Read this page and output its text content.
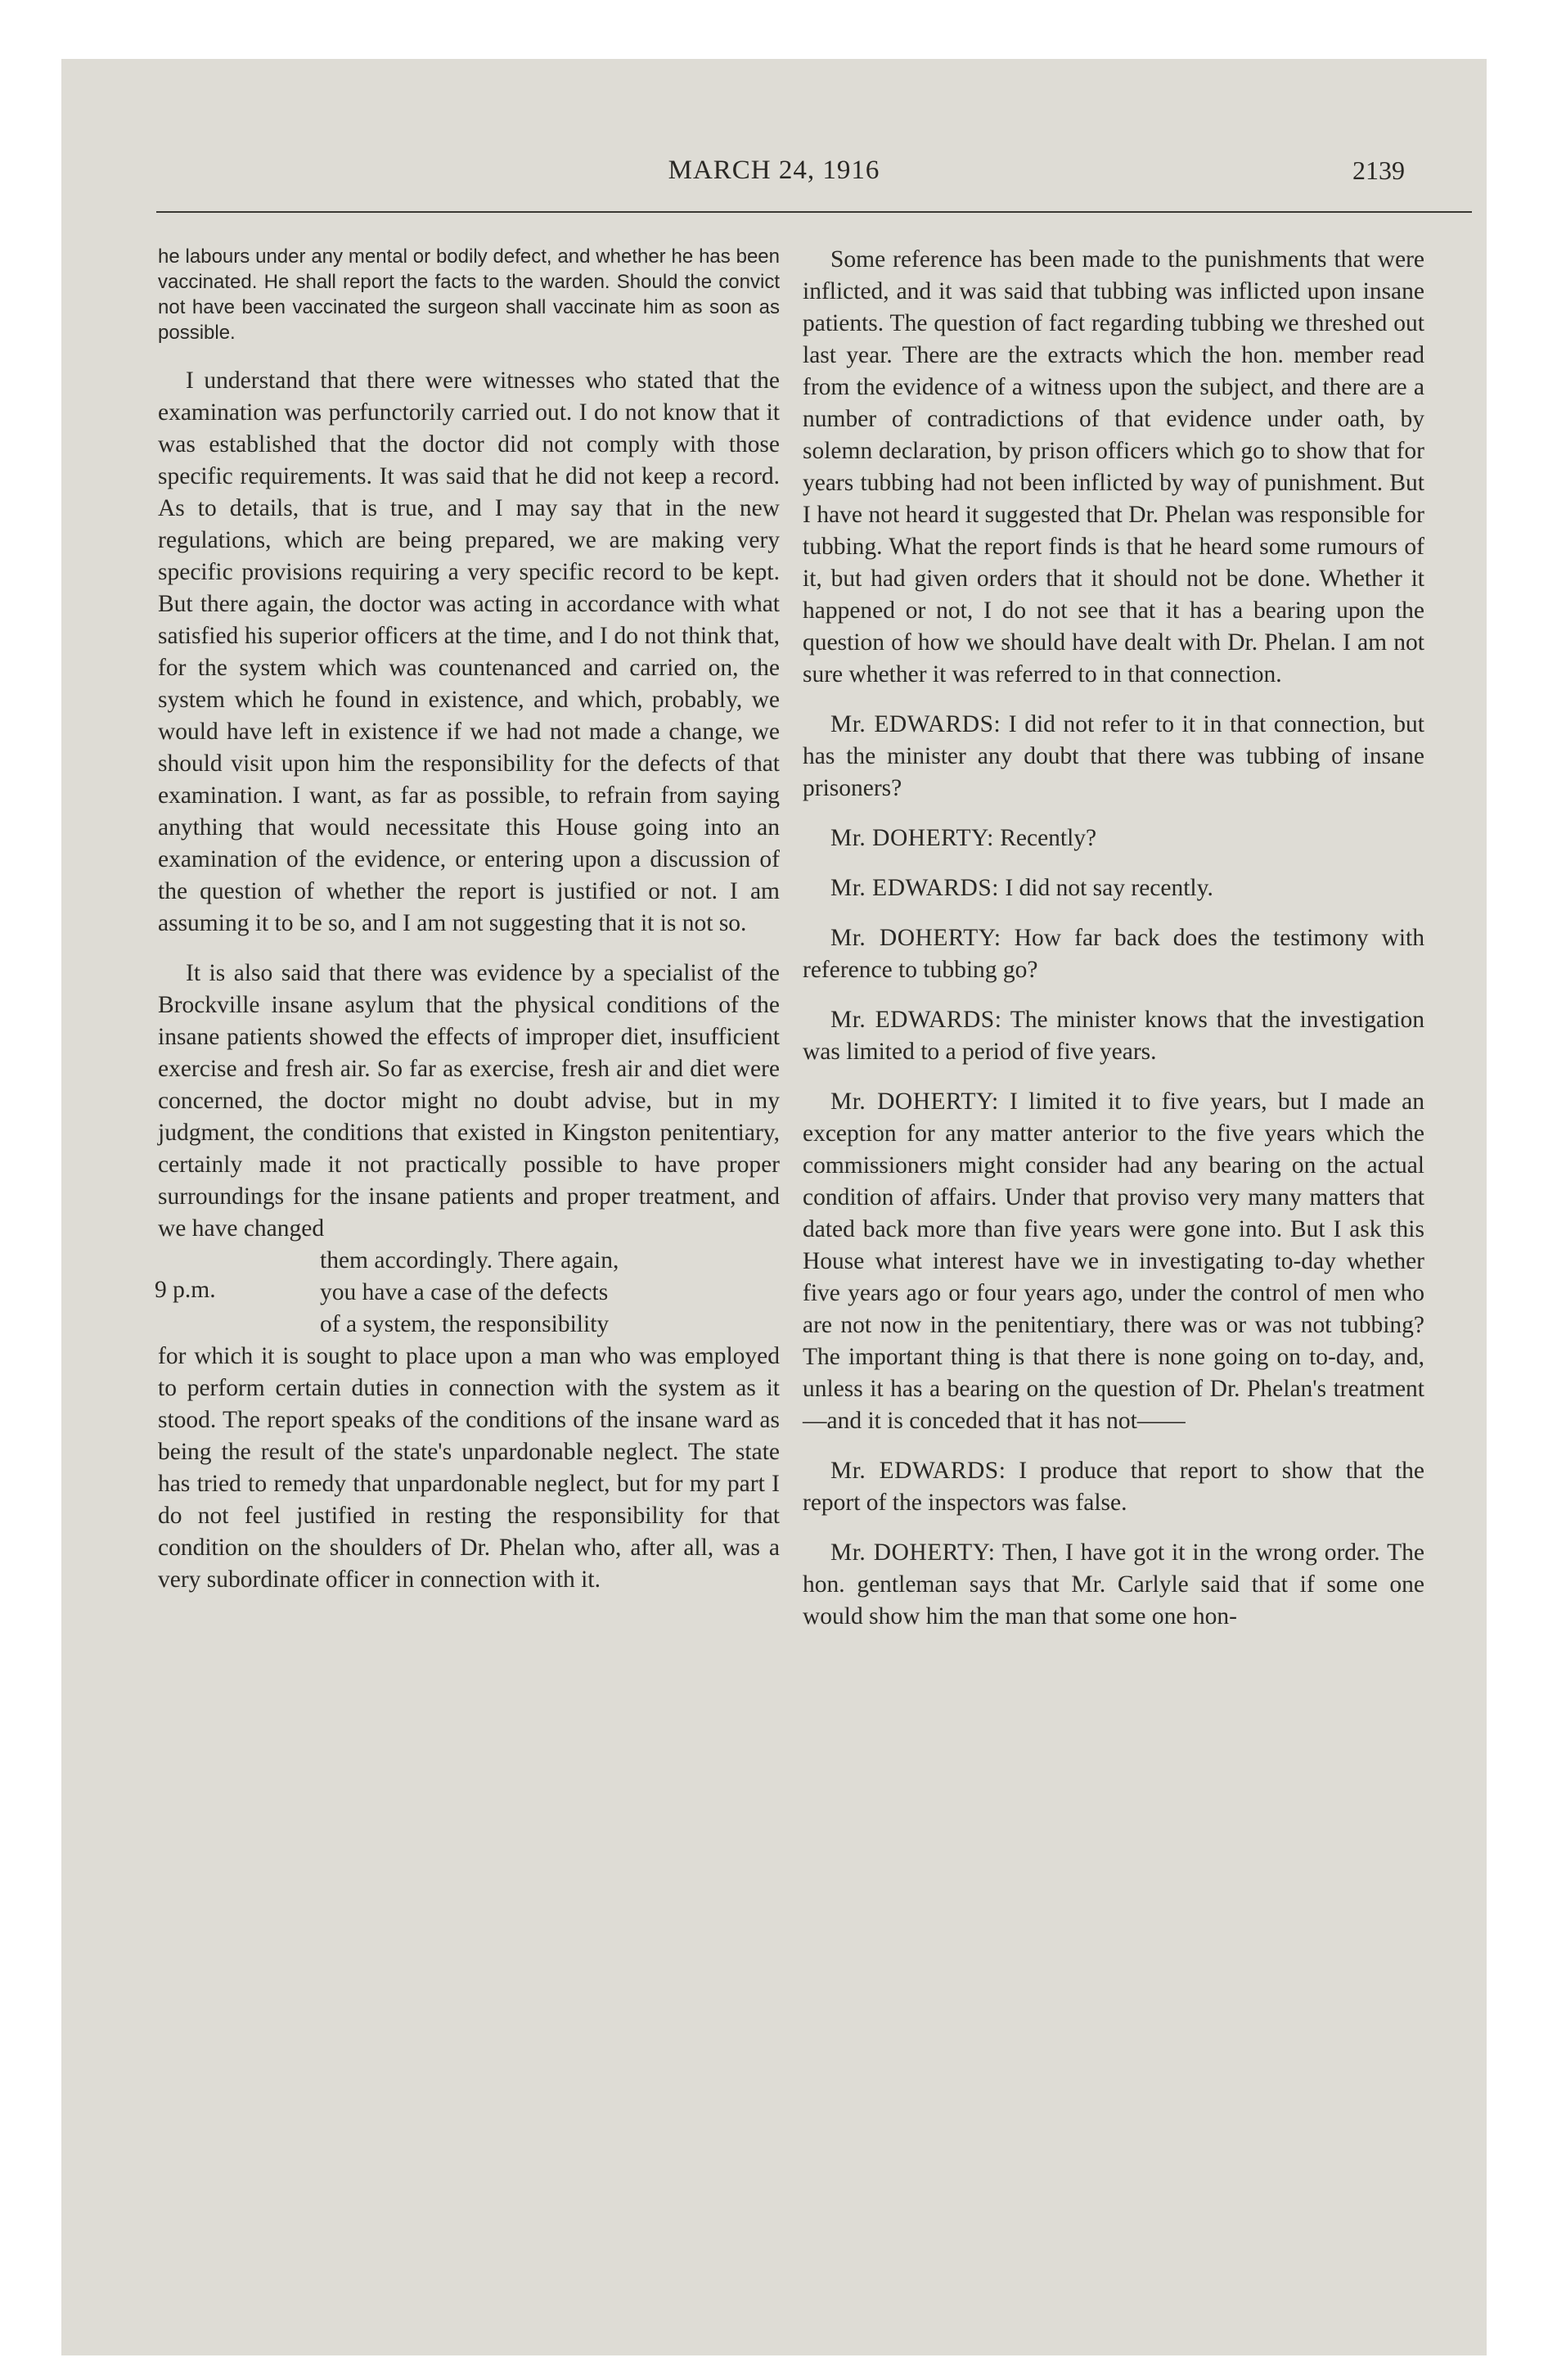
MARCH 24, 1916	2139
he labours under any mental or bodily defect, and whether he has been vaccinated. He shall report the facts to the warden. Should the convict not have been vaccinated the surgeon shall vaccinate him as soon as possible.

I understand that there were witnesses who stated that the examination was perfunctorily carried out. I do not know that it was established that the doctor did not comply with those specific requirements. It was said that he did not keep a record. As to details, that is true, and I may say that in the new regulations, which are being prepared, we are making very specific provisions requiring a very specific record to be kept. But there again, the doctor was acting in accordance with what satisfied his superior officers at the time, and I do not think that, for the system which was countenanced and carried on, the system which he found in existence, and which, probably, we would have left in existence if we had not made a change, we should visit upon him the responsibility for the defects of that examination. I want, as far as possible, to refrain from saying anything that would necessitate this House going into an examination of the evidence, or entering upon a discussion of the question of whether the report is justified or not. I am assuming it to be so, and I am not suggesting that it is not so.

It is also said that there was evidence by a specialist of the Brockville insane asylum that the physical conditions of the insane patients showed the effects of improper diet, insufficient exercise and fresh air. So far as exercise, fresh air and diet were concerned, the doctor might no doubt advise, but in my judgment, the conditions that existed in Kingston penitentiary, certainly made it not practically possible to have proper surroundings for the insane patients and proper treatment, and we have changed

them accordingly. There again,

9 p.m.	you have a case of the defects

of a system, the responsibility

for which it is sought to place upon a man who was employed to perform certain duties in connection with the system as it stood. The report speaks of the conditions of the insane ward as being the result of the state's unpardonable neglect. The state has tried to remedy that unpardonable neglect, but for my part I do not feel justified in resting the responsibility for that condition on the shoulders of Dr. Phelan who, after all, was a very subordinate officer in connection with it.

Some reference has been made to the punishments that were inflicted, and it was said that tubbing was inflicted upon insane patients. The question of fact regarding tubbing we threshed out last year. There are the extracts which the hon. member read from the evidence of a witness upon the subject, and there are a number of contradictions of that evidence under oath, by solemn declaration, by prison officers which go to show that for years tubbing had not been inflicted by way of punishment. But I have not heard it suggested that Dr. Phelan was responsible for tubbing. What the report finds is that he heard some rumours of it, but had given orders that it should not be done. Whether it happened or not, I do not see that it has a bearing upon the question of how we should have dealt with Dr. Phelan. I am not sure whether it was referred to in that connection.

Mr. EDWARDS: I did not refer to it in that connection, but has the minister any doubt that there was tubbing of insane prisoners?

Mr. DOHERTY: Recently?

Mr. EDWARDS: I did not say recently.

Mr. DOHERTY: How far back does the testimony with reference to tubbing go?

Mr. EDWARDS: The minister knows that the investigation was limited to a period of five years.

Mr. DOHERTY: I limited it to five years, but I made an exception for any matter anterior to the five years which the commissioners might consider had any bearing on the actual condition of affairs. Under that proviso very many matters that dated back more than five years were gone into. But I ask this House what interest have we in investigating to-day whether five years ago or four years ago, under the control of men who are not now in the penitentiary, there was or was not tubbing? The important thing is that there is none going on to-day, and, unless it has a bearing on the question of Dr. Phelan's treatment—and it is conceded that it has not——

Mr. EDWARDS: I produce that report to show that the report of the inspectors was false.

Mr. DOHERTY: Then, I have got it in the wrong order. The hon. gentleman says that Mr. Carlyle said that if some one would show him the man that some one hon-
